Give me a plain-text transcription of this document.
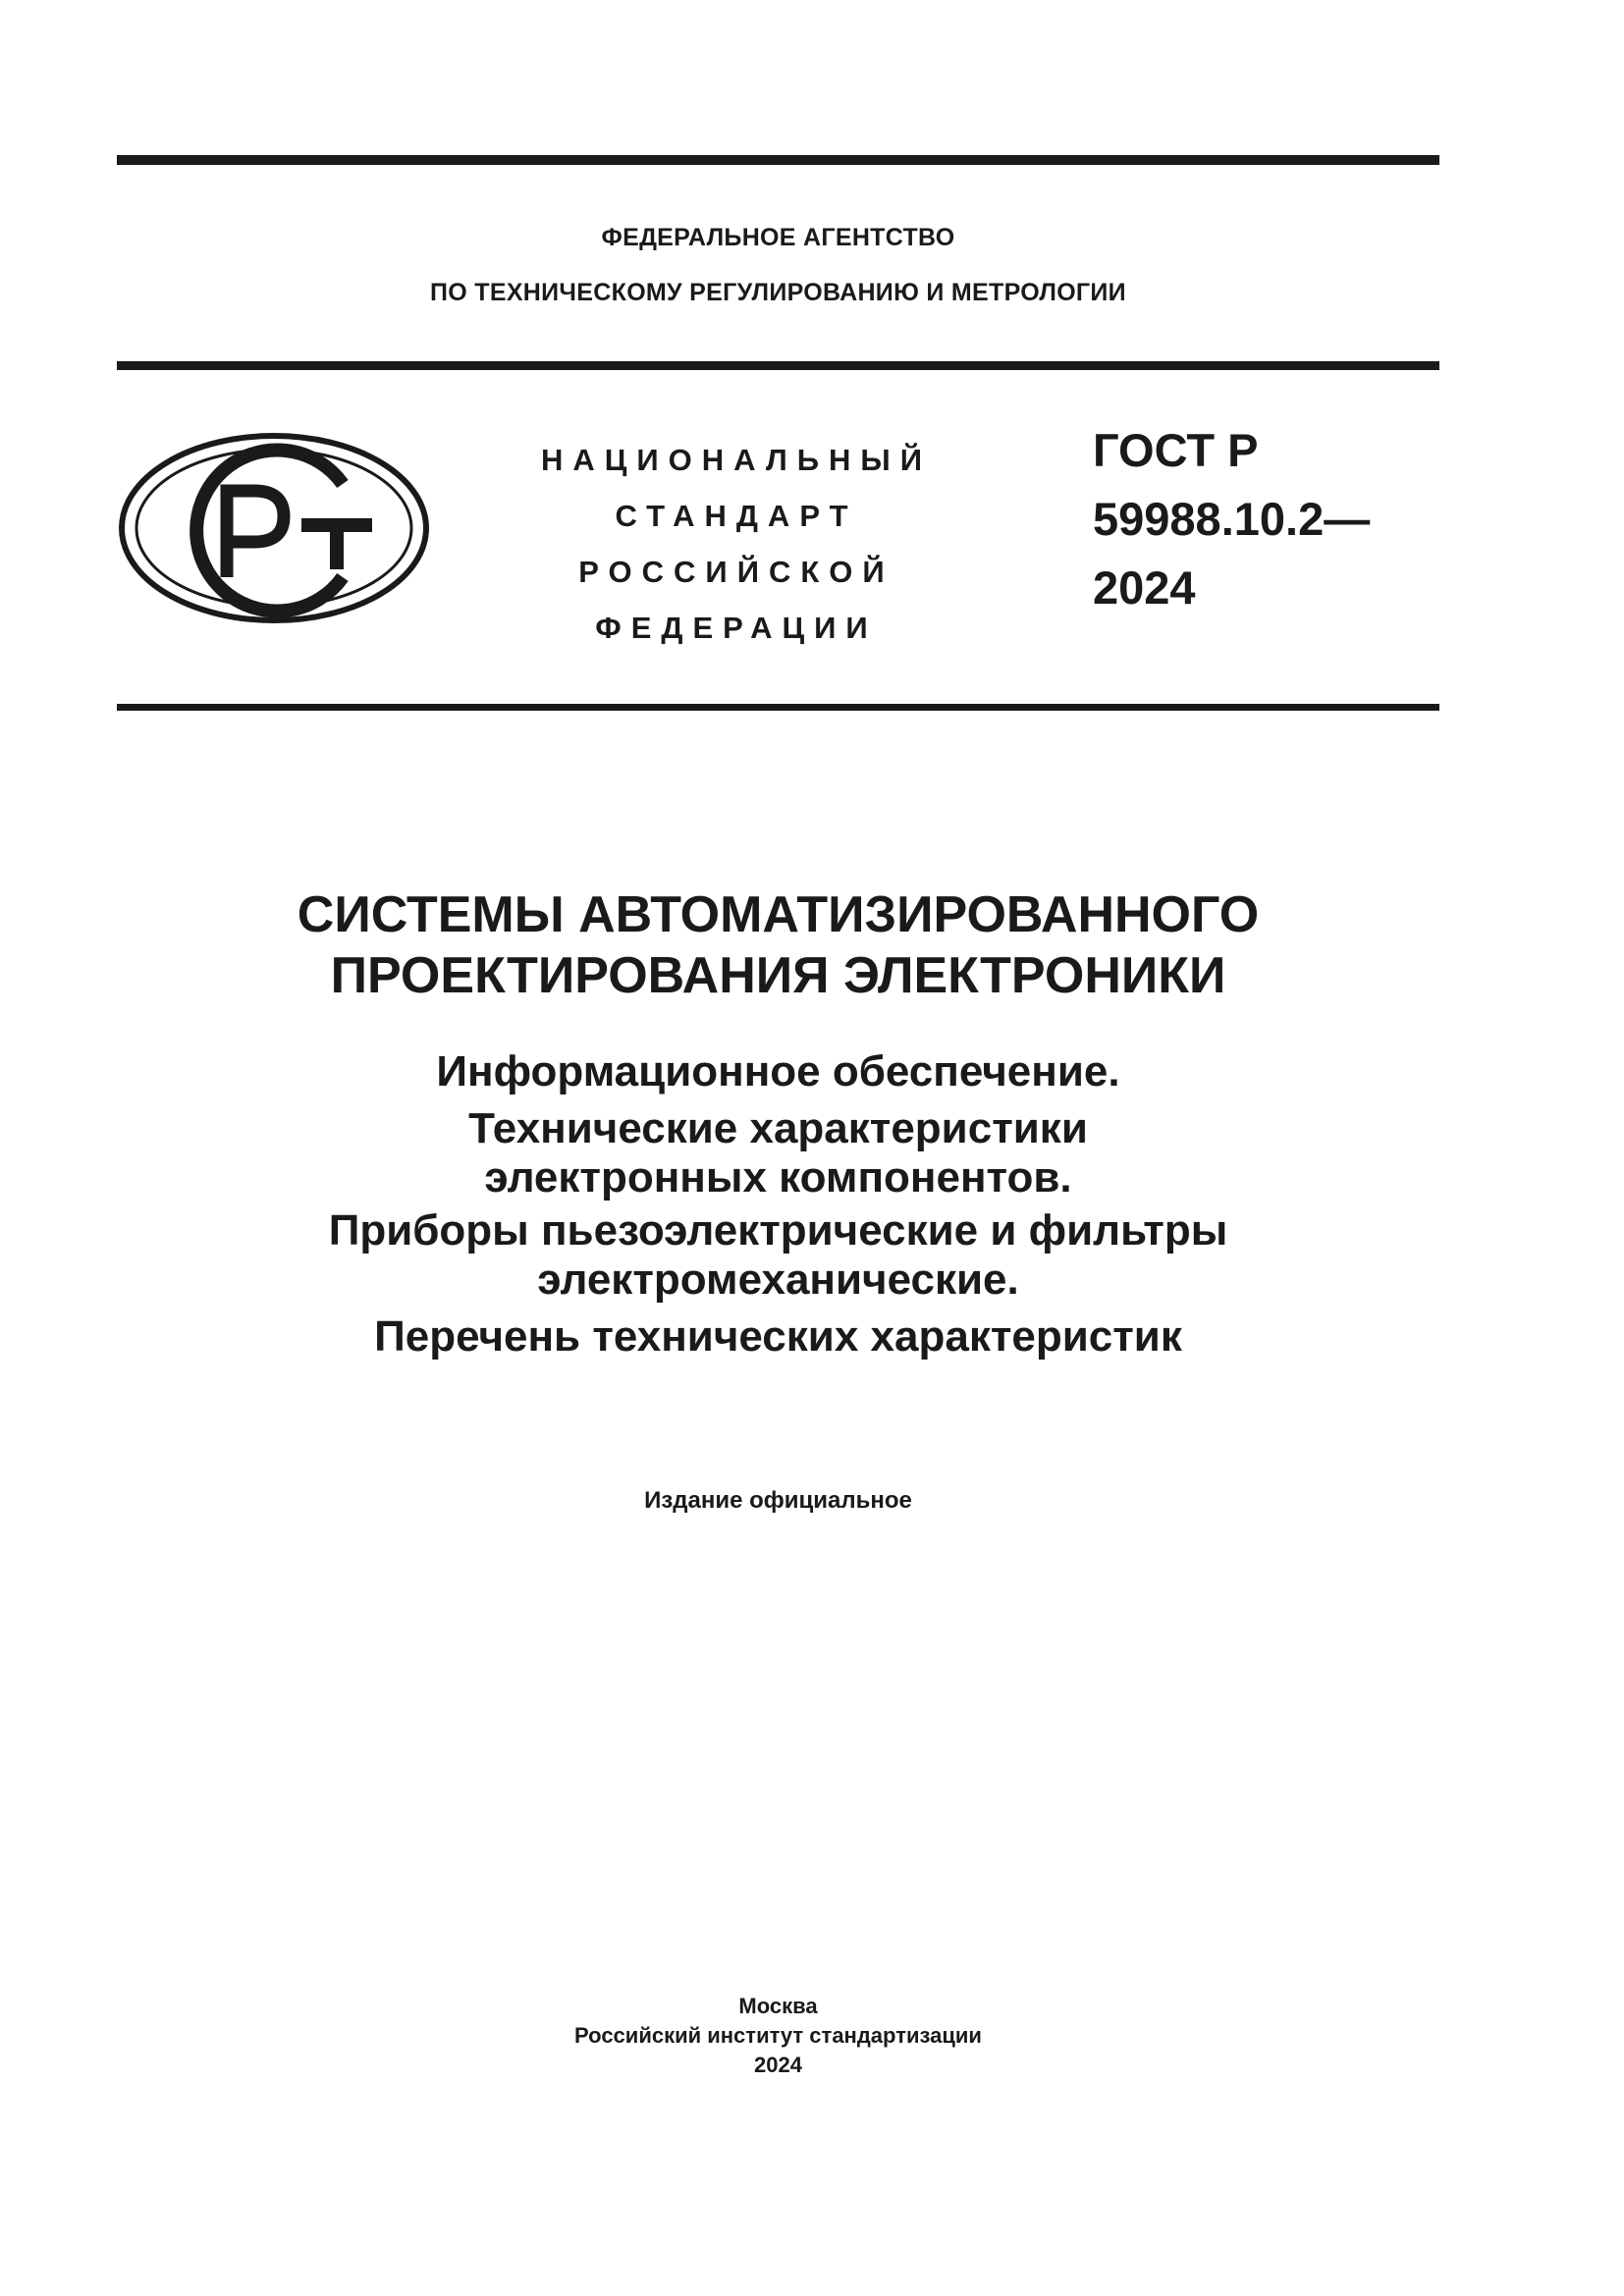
ФЕДЕРАЛЬНОЕ АГЕНТСТВО
ПО ТЕХНИЧЕСКОМУ РЕГУЛИРОВАНИЮ И МЕТРОЛОГИИ
НАЦИОНАЛЬНЫЙ
СТАНДАРТ
РОССИЙСКОЙ
ФЕДЕРАЦИИ
ГОСТ Р
59988.10.2—
2024
СИСТЕМЫ АВТОМАТИЗИРОВАННОГО
ПРОЕКТИРОВАНИЯ ЭЛЕКТРОНИКИ
Информационное обеспечение.
Технические характеристики
электронных компонентов.
Приборы пьезоэлектрические и фильтры
электромеханические.
Перечень технических характеристик
Издание официальное
Москва
Российский институт стандартизации
2024
